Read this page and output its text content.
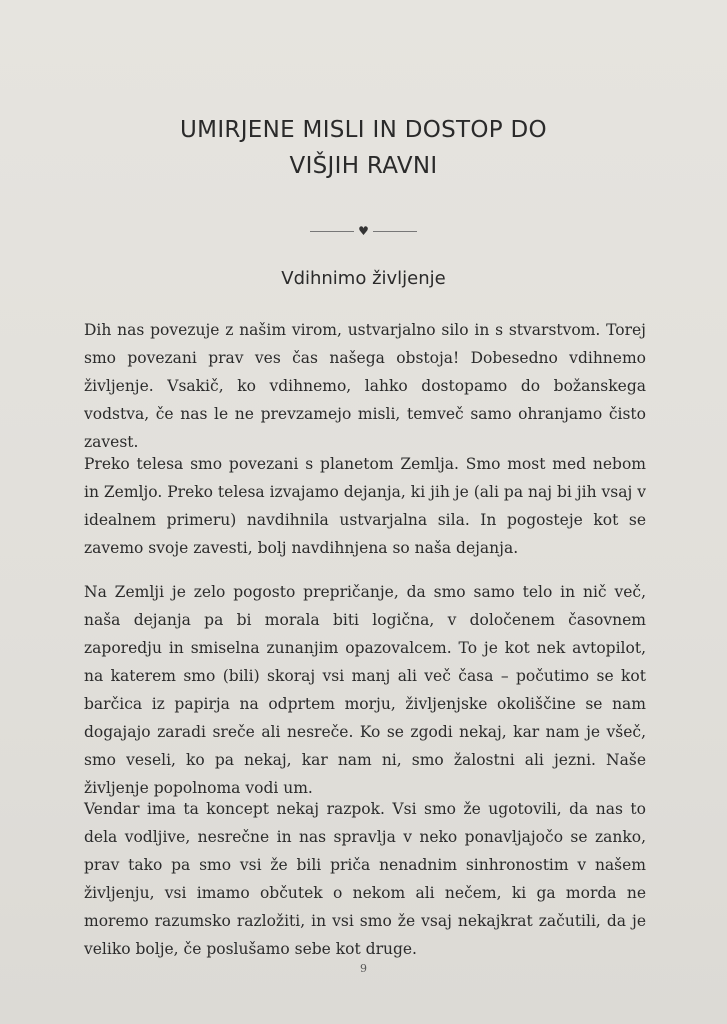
UMIRJENE MISLI IN DOSTOP DO
VIŠJIH RAVNI
♥
Vdihnimo življenje

Dih nas povezuje z našim virom, ustvarjalno silo in s stvarstvom. Torej smo povezani prav ves čas našega obstoja! Dobesedno vdihnemo življenje. Vsakič, ko vdihnemo, lahko dostopamo do božanskega vodstva, če nas le ne prevzamejo misli, temveč samo ohranjamo čisto zavest.

Preko telesa smo povezani s planetom Zemlja. Smo most med nebom in Zemljo. Preko telesa izvajamo dejanja, ki jih je (ali pa naj bi jih vsaj v idealnem primeru) navdihnila ustvarjalna sila. In pogosteje kot se zavemo svoje zavesti, bolj navdihnjena so naša dejanja.

Na Zemlji je zelo pogosto prepričanje, da smo samo telo in nič več, naša dejanja pa bi morala biti logična, v določenem časovnem zaporedju in smiselna zunanjim opazovalcem. To je kot nek avtopilot, na katerem smo (bili) skoraj vsi manj ali več časa – počutimo se kot barčica iz papirja na odprtem morju, življenjske okoliščine se nam dogajajo zaradi sreče ali nesreče. Ko se zgodi nekaj, kar nam je všeč, smo veseli, ko pa nekaj, kar nam ni, smo žalostni ali jezni. Naše življenje popolnoma vodi um.

Vendar ima ta koncept nekaj razpok. Vsi smo že ugotovili, da nas to dela vodljive, nesrečne in nas spravlja v neko ponavljajočo se zanko, prav tako pa smo vsi že bili priča nenadnim sinhronostim v našem življenju, vsi imamo občutek o nekom ali nečem, ki ga morda ne moremo razumsko razložiti, in vsi smo že vsaj nekajkrat začutili, da je veliko bolje, če poslušamo sebe kot druge.

9
